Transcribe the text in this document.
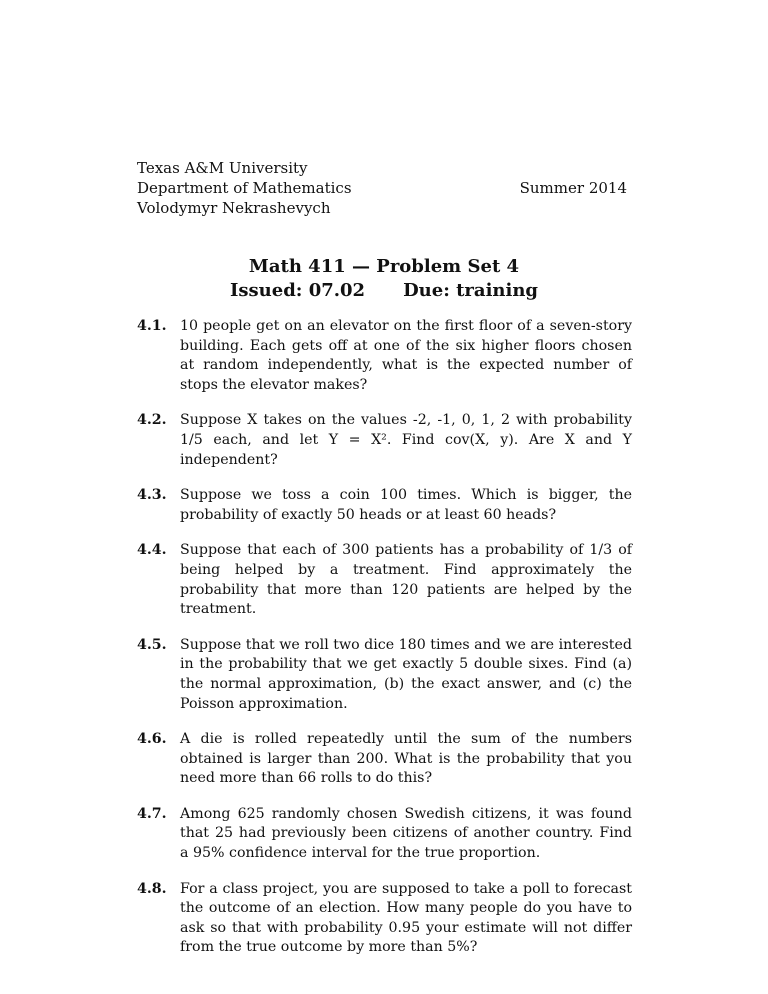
Texas A&M University
Department of Mathematics
Volodymyr Nekrashevych
Summer 2014
Math 411 — Problem Set 4
Issued: 07.02 Due: training
4.1. 10 people get on an elevator on the first floor of a seven-story building. Each gets off at one of the six higher floors chosen at random independently, what is the expected number of stops the elevator makes?
4.2. Suppose X takes on the values -2, -1, 0, 1, 2 with probability 1/5 each, and let Y = X². Find cov(X, y). Are X and Y independent?
4.3. Suppose we toss a coin 100 times. Which is bigger, the probability of exactly 50 heads or at least 60 heads?
4.4. Suppose that each of 300 patients has a probability of 1/3 of being helped by a treatment. Find approximately the probability that more than 120 patients are helped by the treatment.
4.5. Suppose that we roll two dice 180 times and we are interested in the probability that we get exactly 5 double sixes. Find (a) the normal approximation, (b) the exact answer, and (c) the Poisson approximation.
4.6. A die is rolled repeatedly until the sum of the numbers obtained is larger than 200. What is the probability that you need more than 66 rolls to do this?
4.7. Among 625 randomly chosen Swedish citizens, it was found that 25 had previously been citizens of another country. Find a 95% confidence interval for the true proportion.
4.8. For a class project, you are supposed to take a poll to forecast the outcome of an election. How many people do you have to ask so that with probability 0.95 your estimate will not differ from the true outcome by more than 5%?
